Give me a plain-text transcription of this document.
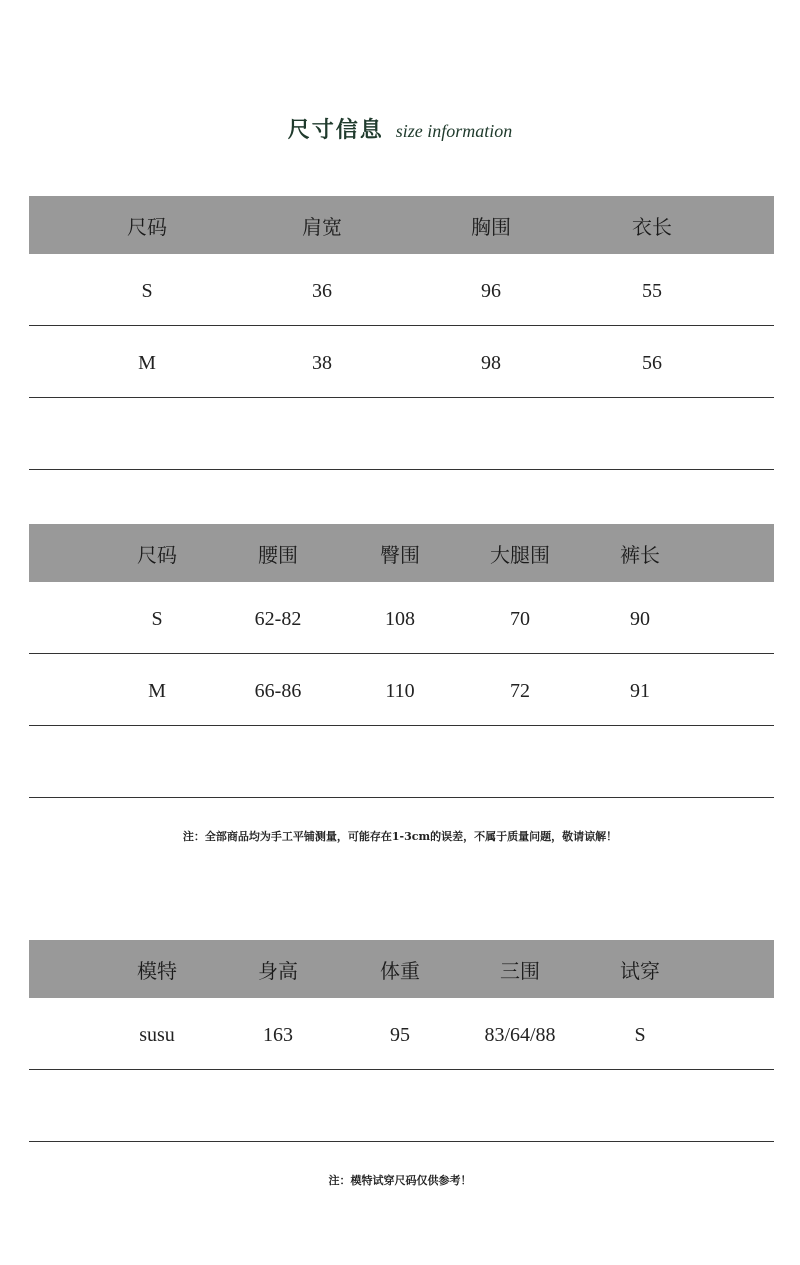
尺寸信息 size information
尺码	肩宽	胸围	衣长
S	36	96	55
M	38	98	56
尺码	腰围	臀围	大腿围	裤长
S	62-82	108	70	90
M	66-86	110	72	91
注：全部商品均为手工平铺测量，可能存在1-3cm的误差，不属于质量问题，敬请谅解！
模特	身高	体重	三围	试穿
susu	163	95	83/64/88	S
注：模特试穿尺码仅供参考！
